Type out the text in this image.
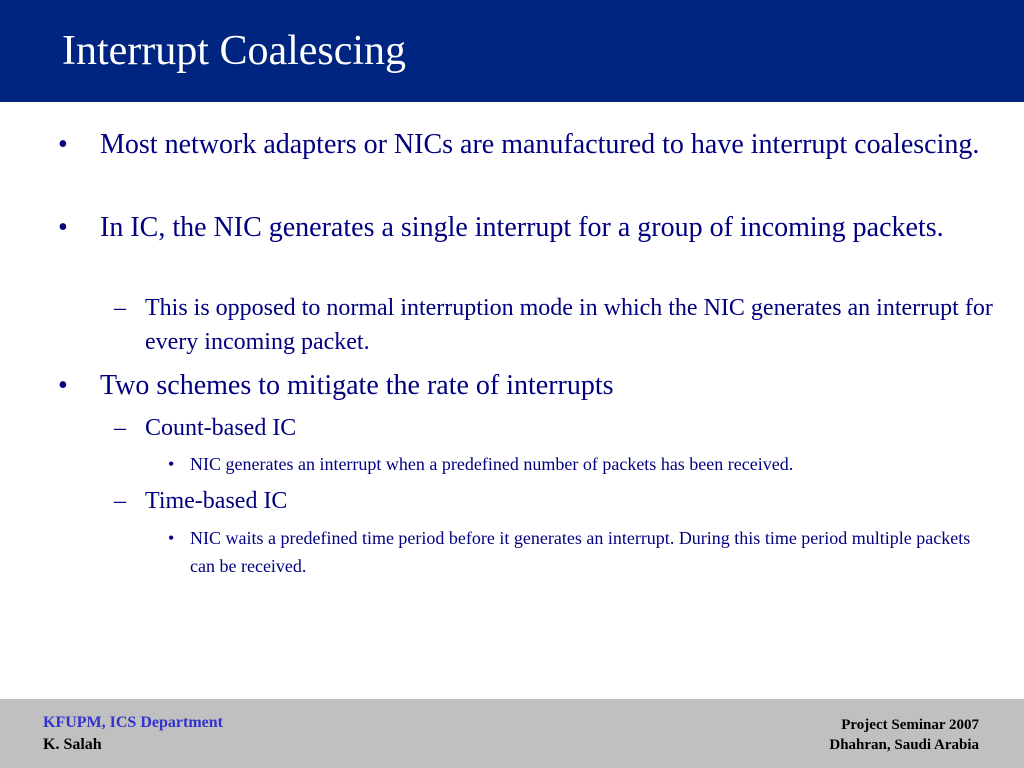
Interrupt Coalescing
• Most network adapters or NICs are manufactured to have interrupt coalescing.
• In IC, the NIC generates a single interrupt for a group of incoming packets.
– This is opposed to normal interruption mode in which the NIC generates an interrupt for every incoming packet.
• Two schemes to mitigate the rate of interrupts
– Count-based IC
• NIC generates an interrupt when a predefined number of packets has been received.
– Time-based IC
• NIC waits a predefined time period before it generates an interrupt. During this time period multiple packets can be received.
KFUPM, ICS Department
K. Salah
Project Seminar 2007
Dhahran, Saudi Arabia
